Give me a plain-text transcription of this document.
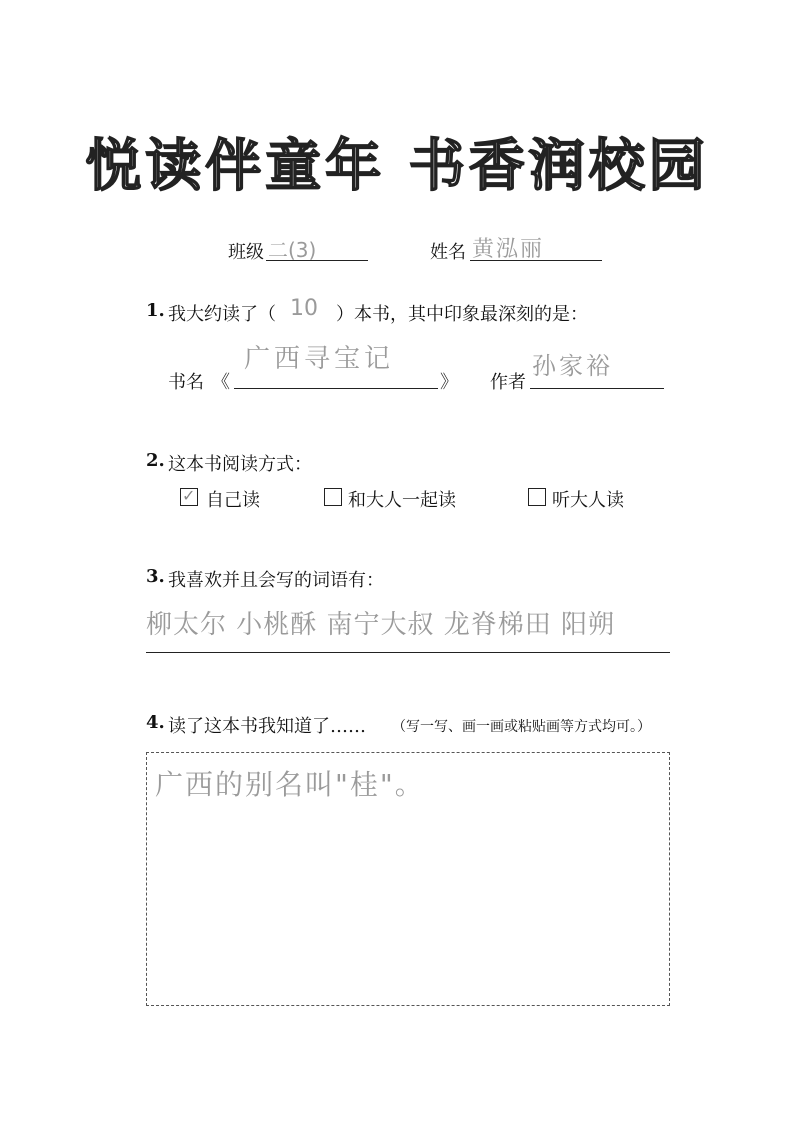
悦读伴童年 书香润校园
班级 二(3)	姓名 黄泓丽
1. 我大约读了（ 10 ）本书，其中印象最深刻的是：
书名 《
广西寻宝记
》 作者
孙家裕
2. 这本书阅读方式：
✓ 自己读	和大人一起读	听大人读
3. 我喜欢并且会写的词语有：
柳太尔 小桃酥 南宁大叔 龙脊梯田 阳朔
4. 读了这本书我知道了…… （写一写、画一画或粘贴画等方式均可。）
广西的别名叫"桂"。
